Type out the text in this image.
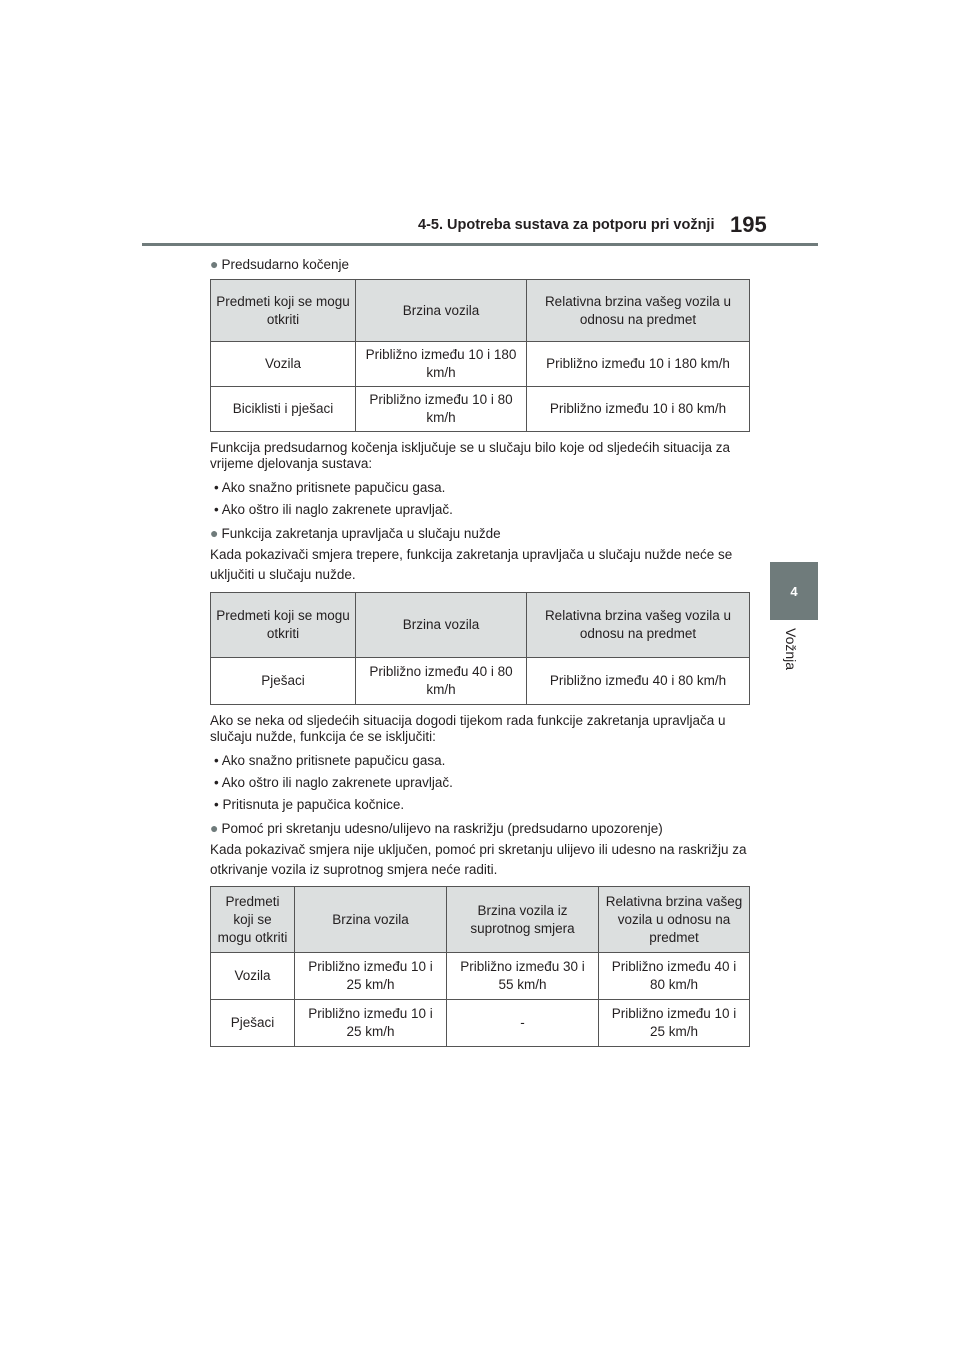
4-5. Upotreba sustava za potporu pri vožnji 195
4
Vožnja
● Predsudarno kočenje
Predmeti koji se mogu otkriti	Brzina vozila	Relativna brzina vašeg vozila u odnosu na predmet
Vozila	Približno između 10 i 180 km/h	Približno između 10 i 180 km/h
Biciklisti i pješaci	Približno između 10 i 80 km/h	Približno između 10 i 80 km/h
Funkcija predsudarnog kočenja isključuje se u slučaju bilo koje od sljedećih situacija za vrijeme djelovanja sustava:
• Ako snažno pritisnete papučicu gasa.
• Ako oštro ili naglo zakrenete upravljač.
● Funkcija zakretanja upravljača u slučaju nužde
Kada pokazivači smjera trepere, funkcija zakretanja upravljača u slučaju nužde neće se uključiti u slučaju nužde.
Predmeti koji se mogu otkriti	Brzina vozila	Relativna brzina vašeg vozila u odnosu na predmet
Pješaci	Približno između 40 i 80 km/h	Približno između 40 i 80 km/h
Ako se neka od sljedećih situacija dogodi tijekom rada funkcije zakretanja upravljača u slučaju nužde, funkcija će se isključiti:
• Ako snažno pritisnete papučicu gasa.
• Ako oštro ili naglo zakrenete upravljač.
• Pritisnuta je papučica kočnice.
● Pomoć pri skretanju udesno/ulijevo na raskrižju (predsudarno upozorenje)
Kada pokazivač smjera nije uključen, pomoć pri skretanju ulijevo ili udesno na raskrižju za otkrivanje vozila iz suprotnog smjera neće raditi.
Predmeti koji se mogu otkriti	Brzina vozila	Brzina vozila iz suprotnog smjera	Relativna brzina vašeg vozila u odnosu na predmet
Vozila	Približno između 10 i 25 km/h	Približno između 30 i 55 km/h	Približno između 40 i 80 km/h
Pješaci	Približno između 10 i 25 km/h	-	Približno između 10 i 25 km/h
